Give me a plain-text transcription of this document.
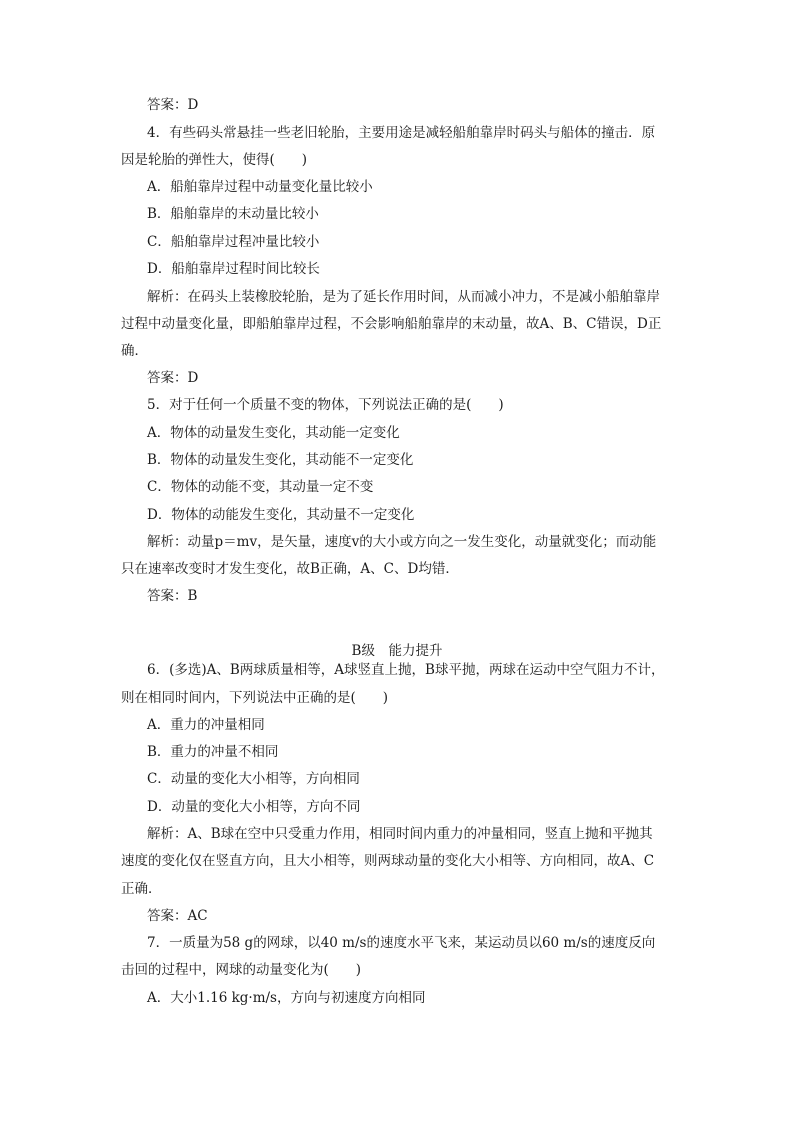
答案：D
4．有些码头常悬挂一些老旧轮胎，主要用途是减轻船舶靠岸时码头与船体的撞击．原
因是轮胎的弹性大，使得(　　)
A．船舶靠岸过程中动量变化量比较小
B．船舶靠岸的末动量比较小
C．船舶靠岸过程冲量比较小
D．船舶靠岸过程时间比较长
解析：在码头上装橡胶轮胎，是为了延长作用时间，从而减小冲力，不是减小船舶靠岸
过程中动量变化量，即船舶靠岸过程，不会影响船舶靠岸的末动量，故A、B、C错误，D正
确．
答案：D
5．对于任何一个质量不变的物体，下列说法正确的是(　　)
A．物体的动量发生变化，其动能一定变化
B．物体的动量发生变化，其动能不一定变化
C．物体的动能不变，其动量一定不变
D．物体的动能发生变化，其动量不一定变化
解析：动量p＝mv，是矢量，速度v的大小或方向之一发生变化，动量就变化；而动能
只在速率改变时才发生变化，故B正确，A、C、D均错．
答案：B
B级　能力提升
6．(多选)A、B两球质量相等，A球竖直上抛，B球平抛，两球在运动中空气阻力不计，
则在相同时间内，下列说法中正确的是(　　)
A．重力的冲量相同
B．重力的冲量不相同
C．动量的变化大小相等，方向相同
D．动量的变化大小相等，方向不同
解析：A、B球在空中只受重力作用，相同时间内重力的冲量相同，竖直上抛和平抛其
速度的变化仅在竖直方向，且大小相等，则两球动量的变化大小相等、方向相同，故A、C
正确．
答案：AC
7．一质量为58 g的网球，以40 m/s的速度水平飞来，某运动员以60 m/s的速度反向
击回的过程中，网球的动量变化为(　　)
A．大小1.16 kg·m/s，方向与初速度方向相同
